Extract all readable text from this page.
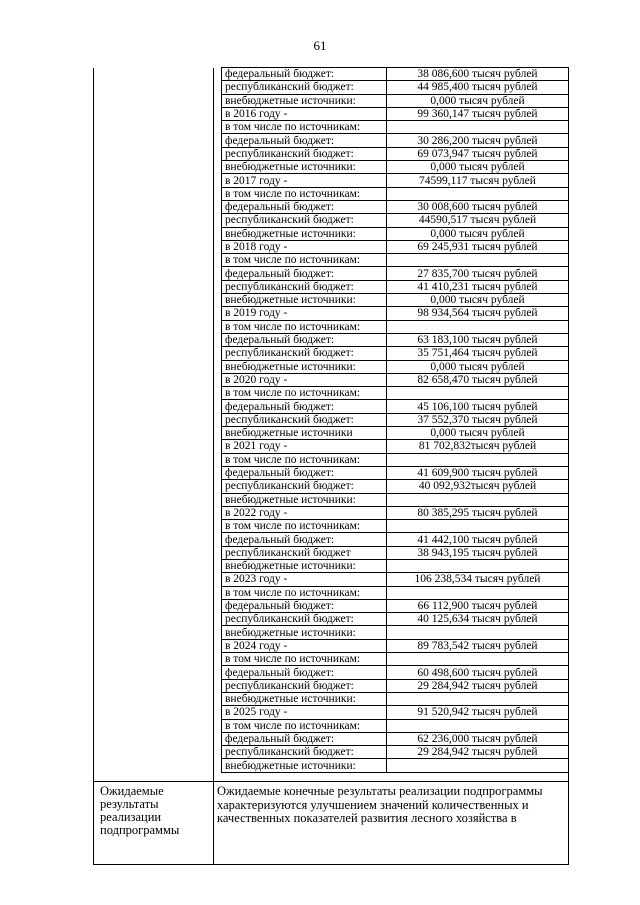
61
федеральный бюджет:	38 086,600 тысяч рублей
республиканский бюджет:	44 985,400 тысяч рублей
внебюджетные источники:	0,000 тысяч рублей
в 2016 году -	99 360,147 тысяч рублей
в том числе по источникам:	
федеральный бюджет:	30 286,200 тысяч рублей
республиканский бюджет:	69 073,947 тысяч рублей
внебюджетные источники:	0,000 тысяч рублей
в 2017 году -	74599,117 тысяч рублей
в том числе по источникам:	
федеральный бюджет:	30 008,600 тысяч рублей
республиканский бюджет:	44590,517 тысяч рублей
внебюджетные источники:	0,000 тысяч рублей
в 2018 году -	69 245,931 тысяч рублей
в том числе по источникам:	
федеральный бюджет:	27 835,700 тысяч рублей
республиканский бюджет:	41 410,231 тысяч рублей
внебюджетные источники:	0,000 тысяч рублей
в 2019 году -	98 934,564 тысяч рублей
в том числе по источникам:	
федеральный бюджет:	63 183,100 тысяч рублей
республиканский бюджет:	35 751,464 тысяч рублей
внебюджетные источники:	0,000 тысяч рублей
в 2020 году -	82 658,470 тысяч рублей
в том числе по источникам:	
федеральный бюджет:	45 106,100 тысяч рублей
республиканский бюджет:	37 552,370 тысяч рублей
внебюджетные источники	0,000 тысяч рублей
в 2021 году -	81 702,832тысяч рублей
в том числе по источникам:	
федеральный бюджет:	41 609,900 тысяч рублей
республиканский бюджет:	40 092,932тысяч рублей
внебюджетные источники:	
в 2022 году -	80 385,295 тысяч рублей
в том числе по источникам:	
федеральный бюджет:	41 442,100 тысяч рублей
республиканский бюджет	38 943,195 тысяч рублей
внебюджетные источники:	
в 2023 году -	106 238,534 тысяч рублей
в том числе по источникам:	
федеральный бюджет:	66 112,900 тысяч рублей
республиканский бюджет:	40 125,634 тысяч рублей
внебюджетные источники:	
в 2024 году -	89 783,542 тысяч рублей
в том числе по источникам:	
федеральный бюджет:	60 498,600 тысяч рублей
республиканский бюджет:	29 284,942 тысяч рублей
внебюджетные источники:	
в 2025 году -	91 520,942 тысяч рублей
в том числе по источникам:	
федеральный бюджет:	62 236,000 тысяч рублей
республиканский бюджет:	29 284,942 тысяч рублей
внебюджетные источники:	
Ожидаемые результаты реализации подпрограммы
Ожидаемые конечные результаты реализации подпрограммы характеризуются улучшением значений количественных и качественных показателей развития лесного хозяйства в
